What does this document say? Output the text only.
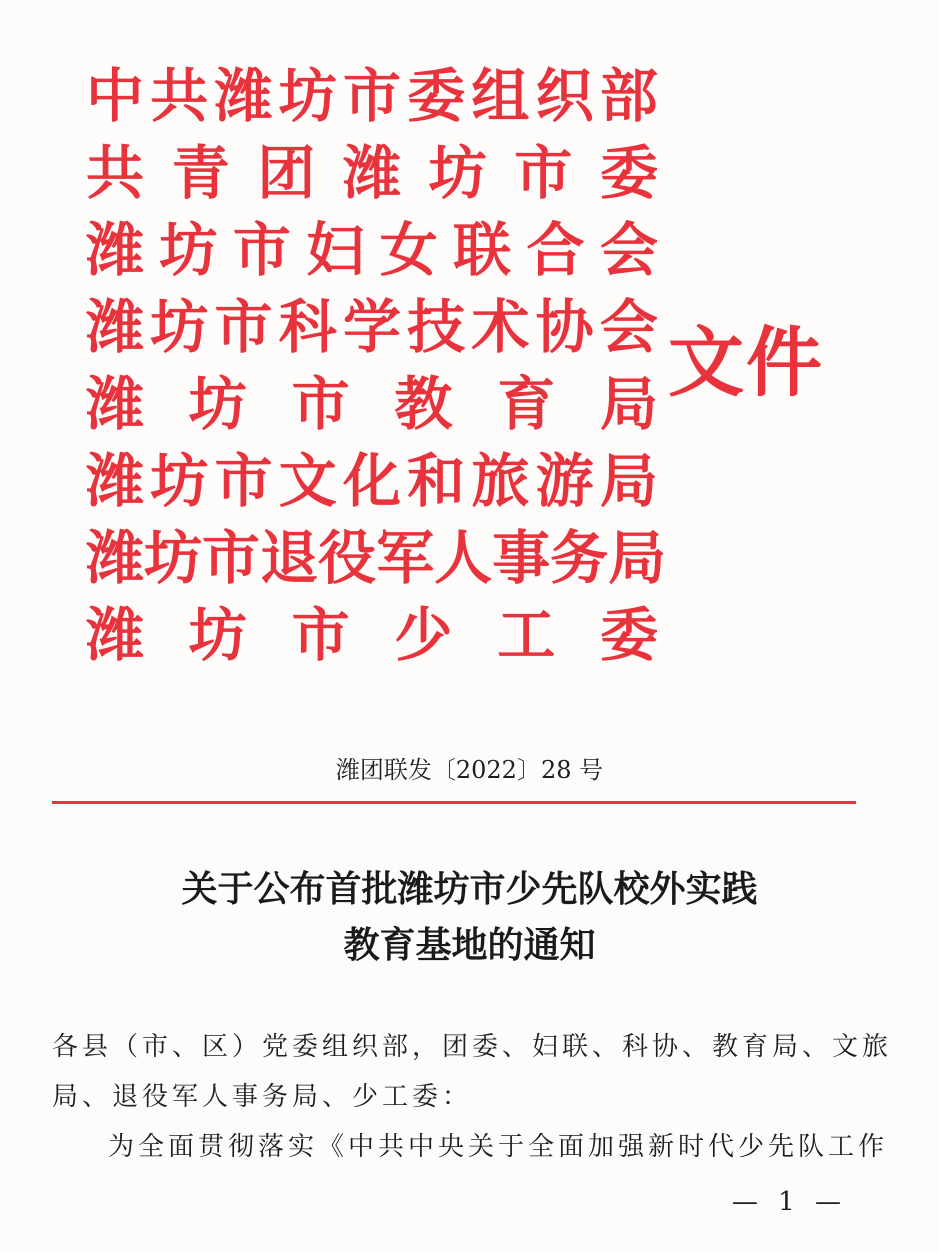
中 共 潍 坊 市 委 组 织 部
共 青 团 潍 坊 市 委
潍 坊 市 妇 女 联 合 会
潍 坊 市 科 学 技 术 协 会
潍 坊 市 教 育 局
潍 坊 市 文 化 和 旅 游 局
潍 坊 市 退 役 军 人 事 务 局
潍 坊 市 少 工 委
文件
潍团联发〔2022〕28 号
关于公布首批潍坊市少先队校外实践
教育基地的通知

各县（市、区）党委组织部，团委、妇联、科协、教育局、文旅

局、退役军人事务局、少工委：

为全面贯彻落实《中共中央关于全面加强新时代少先队工作

— 1 —
